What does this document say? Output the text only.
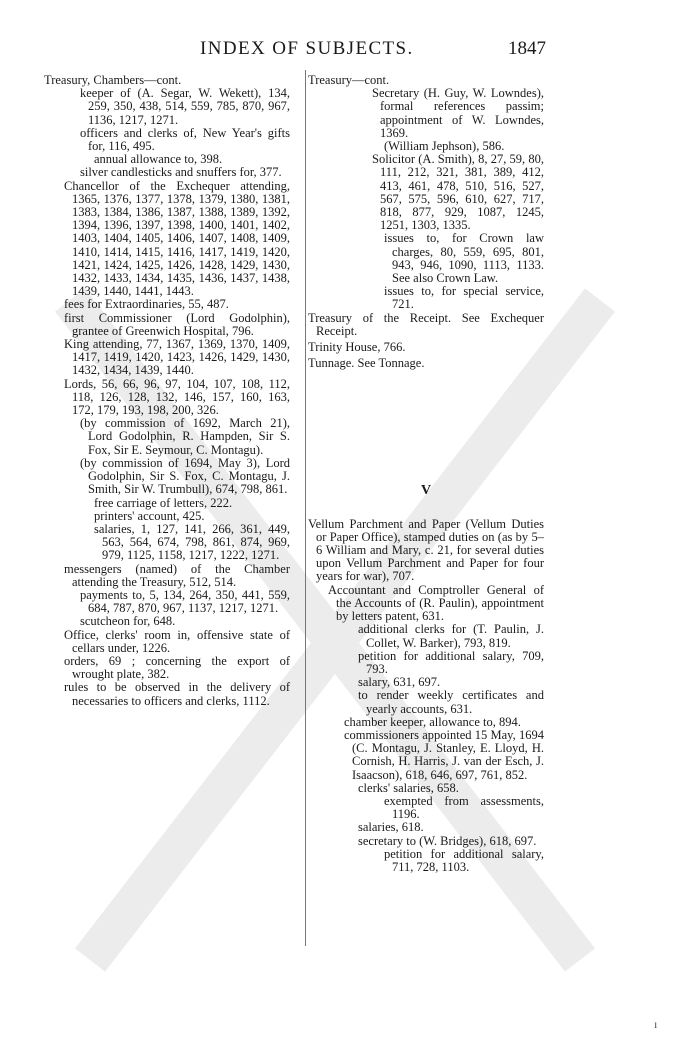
INDEX OF SUBJECTS.	1847

Treasury, Chambers—cont.

keeper of (A. Segar, W. Wekett), 134, 259, 350, 438, 514, 559, 785, 870, 967, 1136, 1217, 1271.

officers and clerks of, New Year's gifts for, 116, 495.

annual allowance to, 398.

silver candlesticks and snuffers for, 377.

Chancellor of the Exchequer attending, 1365, 1376, 1377, 1378, 1379, 1380, 1381, 1383, 1384, 1386, 1387, 1388, 1389, 1392, 1394, 1396, 1397, 1398, 1400, 1401, 1402, 1403, 1404, 1405, 1406, 1407, 1408, 1409, 1410, 1414, 1415, 1416, 1417, 1419, 1420, 1421, 1424, 1425, 1426, 1428, 1429, 1430, 1432, 1433, 1434, 1435, 1436, 1437, 1438, 1439, 1440, 1441, 1443.

fees for Extraordinaries, 55, 487.

first Commissioner (Lord Godolphin), grantee of Greenwich Hospital, 796.

King attending, 77, 1367, 1369, 1370, 1409, 1417, 1419, 1420, 1423, 1426, 1429, 1430, 1432, 1434, 1439, 1440.

Lords, 56, 66, 96, 97, 104, 107, 108, 112, 118, 126, 128, 132, 146, 157, 160, 163, 172, 179, 193, 198, 200, 326.

(by commission of 1692, March 21), Lord Godolphin, R. Hampden, Sir S. Fox, Sir E. Seymour, C. Montagu).

(by commission of 1694, May 3), Lord Godolphin, Sir S. Fox, C. Montagu, J. Smith, Sir W. Trumbull), 674, 798, 861.

free carriage of letters, 222.

printers' account, 425.

salaries, 1, 127, 141, 266, 361, 449, 563, 564, 674, 798, 861, 874, 969, 979, 1125, 1158, 1217, 1222, 1271.

messengers (named) of the Chamber attending the Treasury, 512, 514.

payments to, 5, 134, 264, 350, 441, 559, 684, 787, 870, 967, 1137, 1217, 1271.

scutcheon for, 648.

Office, clerks' room in, offensive state of cellars under, 1226.

orders, 69 ; concerning the export of wrought plate, 382.

rules to be observed in the delivery of necessaries to officers and clerks, 1112.

Treasury—cont.

Secretary (H. Guy, W. Lowndes), formal references passim; appointment of W. Lowndes, 1369.

(William Jephson), 586.

Solicitor (A. Smith), 8, 27, 59, 80, 111, 212, 321, 381, 389, 412, 413, 461, 478, 510, 516, 527, 567, 575, 596, 610, 627, 717, 818, 877, 929, 1087, 1245, 1251, 1303, 1335.

issues to, for Crown law charges, 80, 559, 695, 801, 943, 946, 1090, 1113, 1133. See also Crown Law.

issues to, for special service, 721.

Treasury of the Receipt. See Exchequer Receipt.

Trinity House, 766.

Tunnage. See Tonnage.

V

Vellum Parchment and Paper (Vellum Duties or Paper Office), stamped duties on (as by 5–6 William and Mary, c. 21, for several duties upon Vellum Parchment and Paper for four years for war), 707.

Accountant and Comptroller General of the Accounts of (R. Paulin), appointment by letters patent, 631.

additional clerks for (T. Paulin, J. Collet, W. Barker), 793, 819.

petition for additional salary, 709, 793.

salary, 631, 697.

to render weekly certificates and yearly accounts, 631.

chamber keeper, allowance to, 894.

commissioners appointed 15 May, 1694 (C. Montagu, J. Stanley, E. Lloyd, H. Cornish, H. Harris, J. van der Esch, J. Isaacson), 618, 646, 697, 761, 852.

clerks' salaries, 658.

exempted from assessments, 1196.

salaries, 618.

secretary to (W. Bridges), 618, 697.

petition for additional salary, 711, 728, 1103.

ı
